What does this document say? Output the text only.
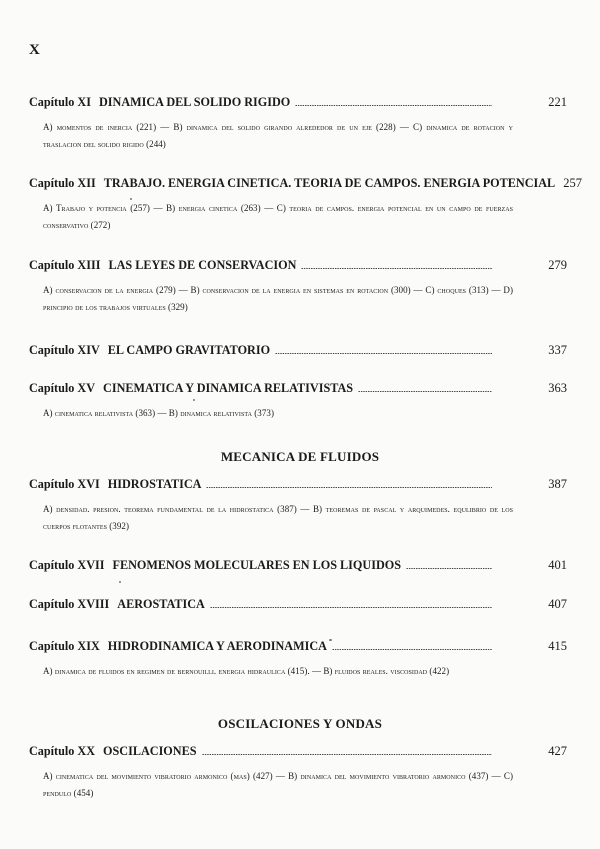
X
Capítulo XI DINAMICA DEL SOLIDO RIGIDO	221
A) momentos de inercia (221) — B) dinamica del solido girando alrededor de un eje (228) — C) dinamica de rotacion y traslacion del solido rigido (244)
Capítulo XII TRABAJO. ENERGIA CINETICA. TEORIA DE CAMPOS. ENERGIA POTENCIAL 257
A) Trabajo y potencia (257) — B) energia cinetica (263) — C) teoria de campos. energia potencial en un campo de fuerzas conservativo (272)
Capítulo XIII LAS LEYES DE CONSERVACION	279
A) conservacion de la energia (279) — B) conservacion de la energia en sistemas en rotacion (300) — C) choques (313) — D) principio de los trabajos virtuales (329)
Capítulo XIV EL CAMPO GRAVITATORIO	337
Capítulo XV CINEMATICA Y DINAMICA RELATIVISTAS	363
A) cinematica relativista (363) — B) dinamica relativista (373)
MECANICA DE FLUIDOS
Capítulo XVI HIDROSTATICA	387
A) densidad. presion. teorema fundamental de la hidrostatica (387) — B) teoremas de pascal y arquimedes. equlibrio de los cuerpos flotantes (392)
Capítulo XVII FENOMENOS MOLECULARES EN LOS LIQUIDOS	401
Capítulo XVIII AEROSTATICA	407
Capítulo XIX HIDRODINAMICA Y AERODINAMICA	415
A) dinamica de fluidos en regimen de bernouilli. energia hidraulica (415). — B) fluidos reales. viscosidad (422)
OSCILACIONES Y ONDAS
Capítulo XX OSCILACIONES	427
A) cinematica del movimiento vibratorio armonico (mas) (427) — B) dinamica del movimiento vibratorio armonico (437) — C) pendulo (454)
